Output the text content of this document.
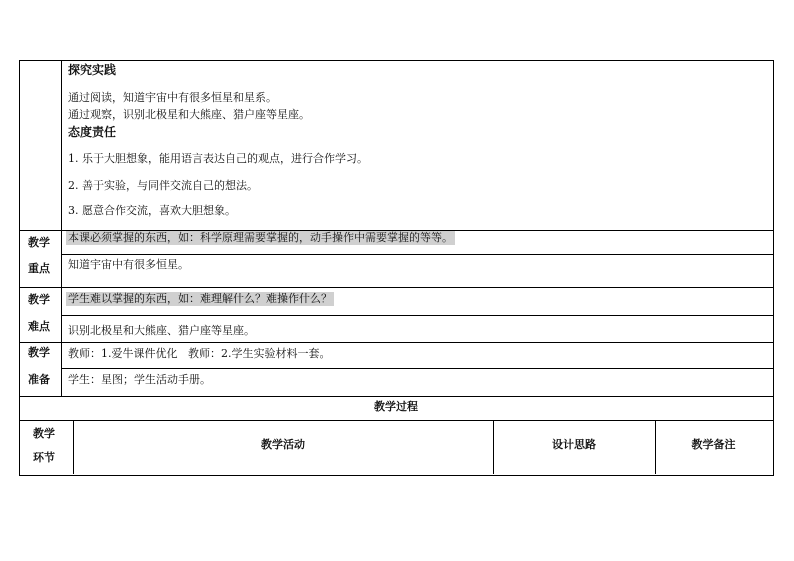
探究实践
通过阅读，知道宇宙中有很多恒星和星系。
通过观察，识别北极星和大熊座、猎户座等星座。
态度责任
1. 乐于大胆想象，能用语言表达自己的观点，进行合作学习。
2. 善于实验，与同伴交流自己的想法。
3. 愿意合作交流，喜欢大胆想象。
教学
重点
本课必须掌握的东西，如：科学原理需要掌握的，动手操作中需要掌握的等等。
知道宇宙中有很多恒星。
教学
难点
学生难以掌握的东西，如：难理解什么？难操作什么？
识别北极星和大熊座、猎户座等星座。
教学
准备
教师：1.爱牛课件优化   教师：2.学生实验材料一套。
学生：星图；学生活动手册。
教学过程
教学
环节
教学活动	设计思路	教学备注
